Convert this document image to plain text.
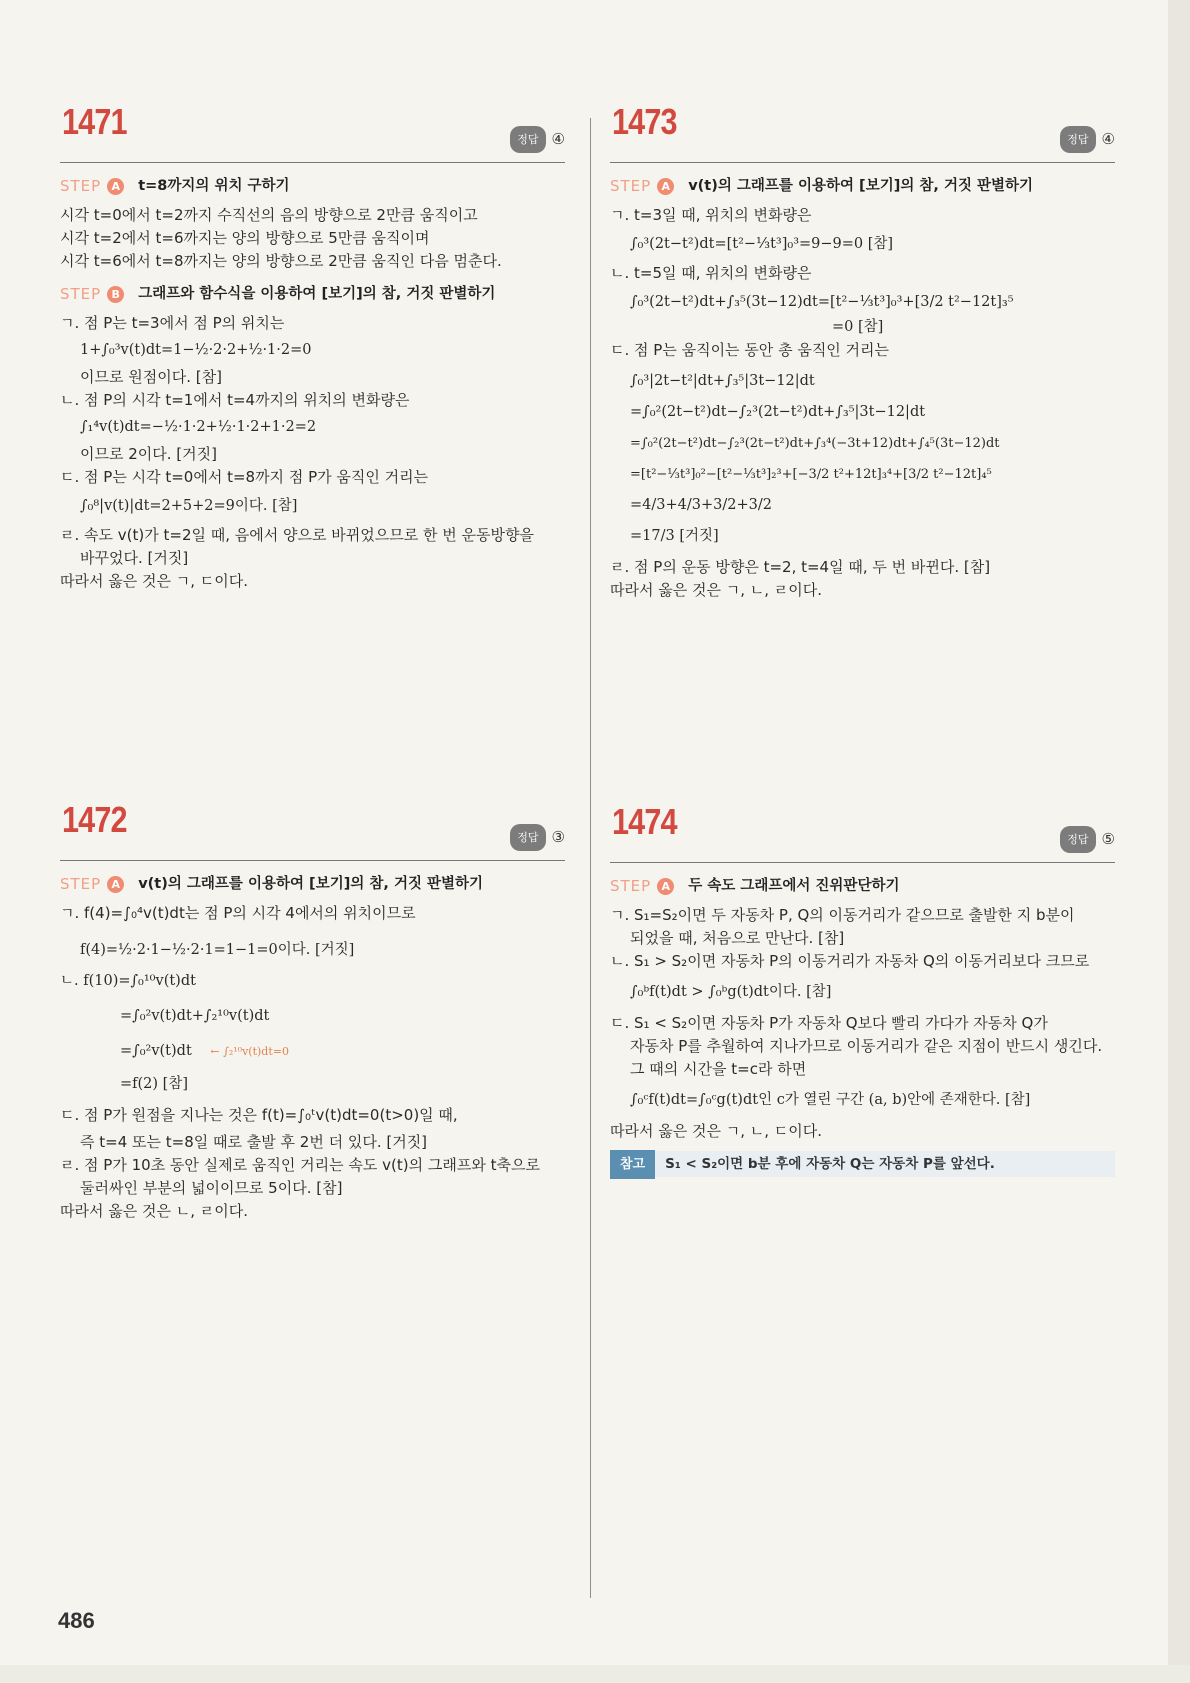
1471	정답 ④
STEP A t=8까지의 위치 구하기
시각 t=0에서 t=2까지 수직선의 음의 방향으로 2만큼 움직이고
시각 t=2에서 t=6까지는 양의 방향으로 5만큼 움직이며
시각 t=6에서 t=8까지는 양의 방향으로 2만큼 움직인 다음 멈춘다.
STEP B 그래프와 함수식을 이용하여 [보기]의 참, 거짓 판별하기
ㄱ. 점 P는 t=3에서 점 P의 위치는
1+∫₀³v(t)dt=1−½·2·2+½·1·2=0
이므로 원점이다. [참]
ㄴ. 점 P의 시각 t=1에서 t=4까지의 위치의 변화량은
∫₁⁴v(t)dt=−½·1·2+½·1·2+1·2=2
이므로 2이다. [거짓]
ㄷ. 점 P는 시각 t=0에서 t=8까지 점 P가 움직인 거리는
∫₀⁸|v(t)|dt=2+5+2=9이다. [참]
ㄹ. 속도 v(t)가 t=2일 때, 음에서 양으로 바뀌었으므로 한 번 운동방향을
바꾸었다. [거짓]
따라서 옳은 것은 ㄱ, ㄷ이다.
1472	정답 ③
STEP A v(t)의 그래프를 이용하여 [보기]의 참, 거짓 판별하기
ㄱ. f(4)=∫₀⁴v(t)dt는 점 P의 시각 4에서의 위치이므로
f(4)=½·2·1−½·2·1=1−1=0이다. [거짓]
ㄴ. f(10)=∫₀¹⁰v(t)dt
=∫₀²v(t)dt+∫₂¹⁰v(t)dt
=∫₀²v(t)dt ← ∫₂¹⁰v(t)dt=0
=f(2) [참]
ㄷ. 점 P가 원점을 지나는 것은 f(t)=∫₀ᵗv(t)dt=0(t>0)일 때,
즉 t=4 또는 t=8일 때로 출발 후 2번 더 있다. [거짓]
ㄹ. 점 P가 10초 동안 실제로 움직인 거리는 속도 v(t)의 그래프와 t축으로
둘러싸인 부분의 넓이이므로 5이다. [참]
따라서 옳은 것은 ㄴ, ㄹ이다.
1473	정답 ④
STEP A v(t)의 그래프를 이용하여 [보기]의 참, 거짓 판별하기
ㄱ. t=3일 때, 위치의 변화량은
∫₀³(2t−t²)dt=[t²−⅓t³]₀³=9−9=0 [참]
ㄴ. t=5일 때, 위치의 변화량은
∫₀³(2t−t²)dt+∫₃⁵(3t−12)dt=[t²−⅓t³]₀³+[3/2 t²−12t]₃⁵
=0 [참]
ㄷ. 점 P는 움직이는 동안 총 움직인 거리는
∫₀³|2t−t²|dt+∫₃⁵|3t−12|dt
=∫₀²(2t−t²)dt−∫₂³(2t−t²)dt+∫₃⁵|3t−12|dt
=∫₀²(2t−t²)dt−∫₂³(2t−t²)dt+∫₃⁴(−3t+12)dt+∫₄⁵(3t−12)dt
=[t²−⅓t³]₀²−[t²−⅓t³]₂³+[−3/2 t²+12t]₃⁴+[3/2 t²−12t]₄⁵
=4/3+4/3+3/2+3/2
=17/3 [거짓]
ㄹ. 점 P의 운동 방향은 t=2, t=4일 때, 두 번 바뀐다. [참]
따라서 옳은 것은 ㄱ, ㄴ, ㄹ이다.
1474	정답 ⑤
STEP A 두 속도 그래프에서 진위판단하기
ㄱ. S₁=S₂이면 두 자동차 P, Q의 이동거리가 같으므로 출발한 지 b분이
되었을 때, 처음으로 만난다. [참]
ㄴ. S₁ > S₂이면 자동차 P의 이동거리가 자동차 Q의 이동거리보다 크므로
∫₀ᵇf(t)dt > ∫₀ᵇg(t)dt이다. [참]
ㄷ. S₁ < S₂이면 자동차 P가 자동차 Q보다 빨리 가다가 자동차 Q가
자동차 P를 추월하여 지나가므로 이동거리가 같은 지점이 반드시 생긴다.
그 때의 시간을 t=c라 하면
∫₀ᶜf(t)dt=∫₀ᶜg(t)dt인 c가 열린 구간 (a, b)안에 존재한다. [참]
따라서 옳은 것은 ㄱ, ㄴ, ㄷ이다.
참고	S₁ < S₂이면 b분 후에 자동차 Q는 자동차 P를 앞선다.
486
